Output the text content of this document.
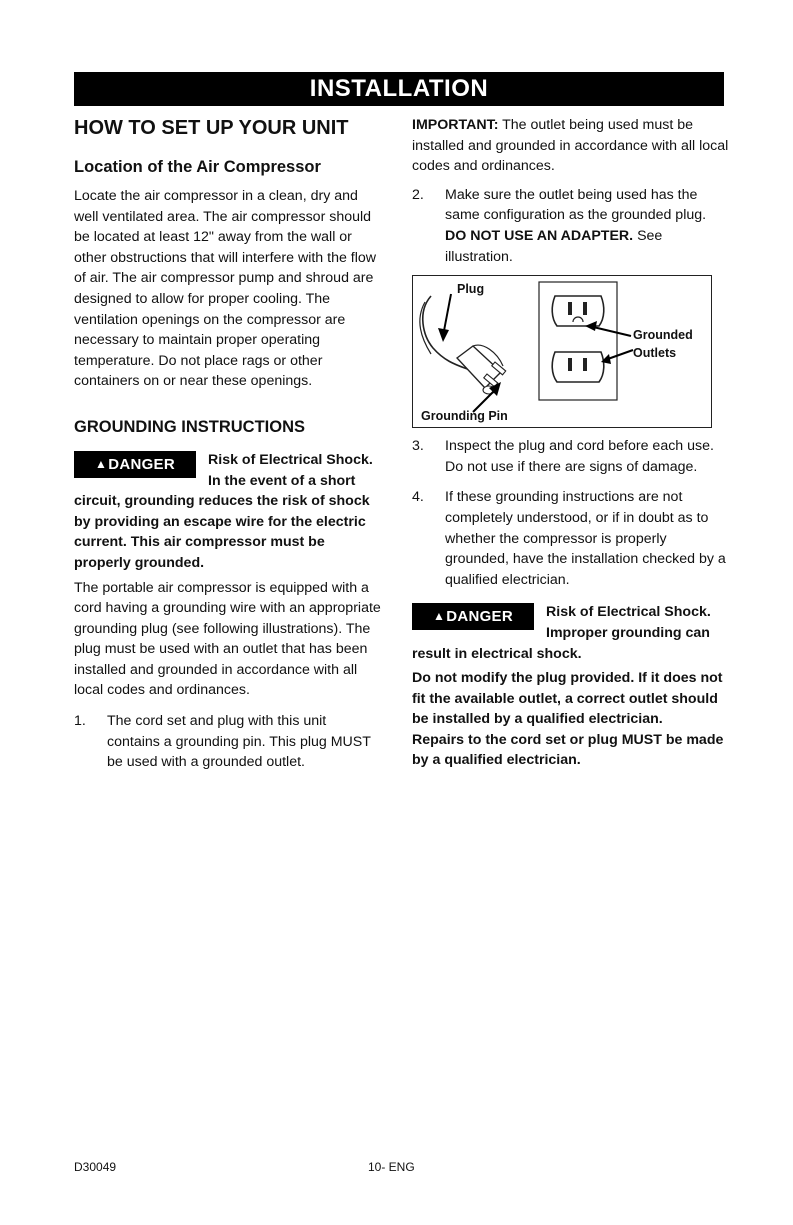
INSTALLATION
HOW TO SET UP YOUR UNIT
Location of the Air Compressor

Locate the air compressor in a clean, dry and well ventilated area. The air compressor should be located at least 12" away from the wall or other obstructions that will interfere with the flow of air. The air compressor pump and shroud are designed to allow for proper cooling. The ventilation openings on the compressor are necessary to maintain proper operating temperature. Do not place rags or other containers on or near these openings.

GROUNDING INSTRUCTIONS
▲DANGER	Risk of Electrical Shock. In the event of a short circuit, grounding reduces the risk of shock by providing an escape wire for the electric current. This air compressor must be properly grounded.

The portable air compressor is equipped with a cord having a grounding wire with an appropriate grounding plug (see following illustrations). The plug must be used with an outlet that has been installed and grounded in accordance with all local codes and ordinances.

1. The cord set and plug with this unit contains a grounding pin. This plug MUST be used with a grounded outlet.

IMPORTANT: The outlet being used must be installed and grounded in accordance with all local codes and ordinances.

2. Make sure the outlet being used has the same configuration as the grounded plug. DO NOT USE AN ADAPTER. See illustration.
Plug
Grounded
Outlets
Grounding Pin
3. Inspect the plug and cord before each use. Do not use if there are signs of damage.
4. If these grounding instructions are not completely understood, or if in doubt as to whether the compressor is properly grounded, have the installation checked by a qualified electrician.
▲DANGER	Risk of Electrical Shock. Improper grounding can result in electrical shock.

Do not modify the plug provided. If it does not fit the available outlet, a correct outlet should be installed by a qualified electrician.

Repairs to the cord set or plug MUST be made by a qualified electrician.

D30049	10- ENG
